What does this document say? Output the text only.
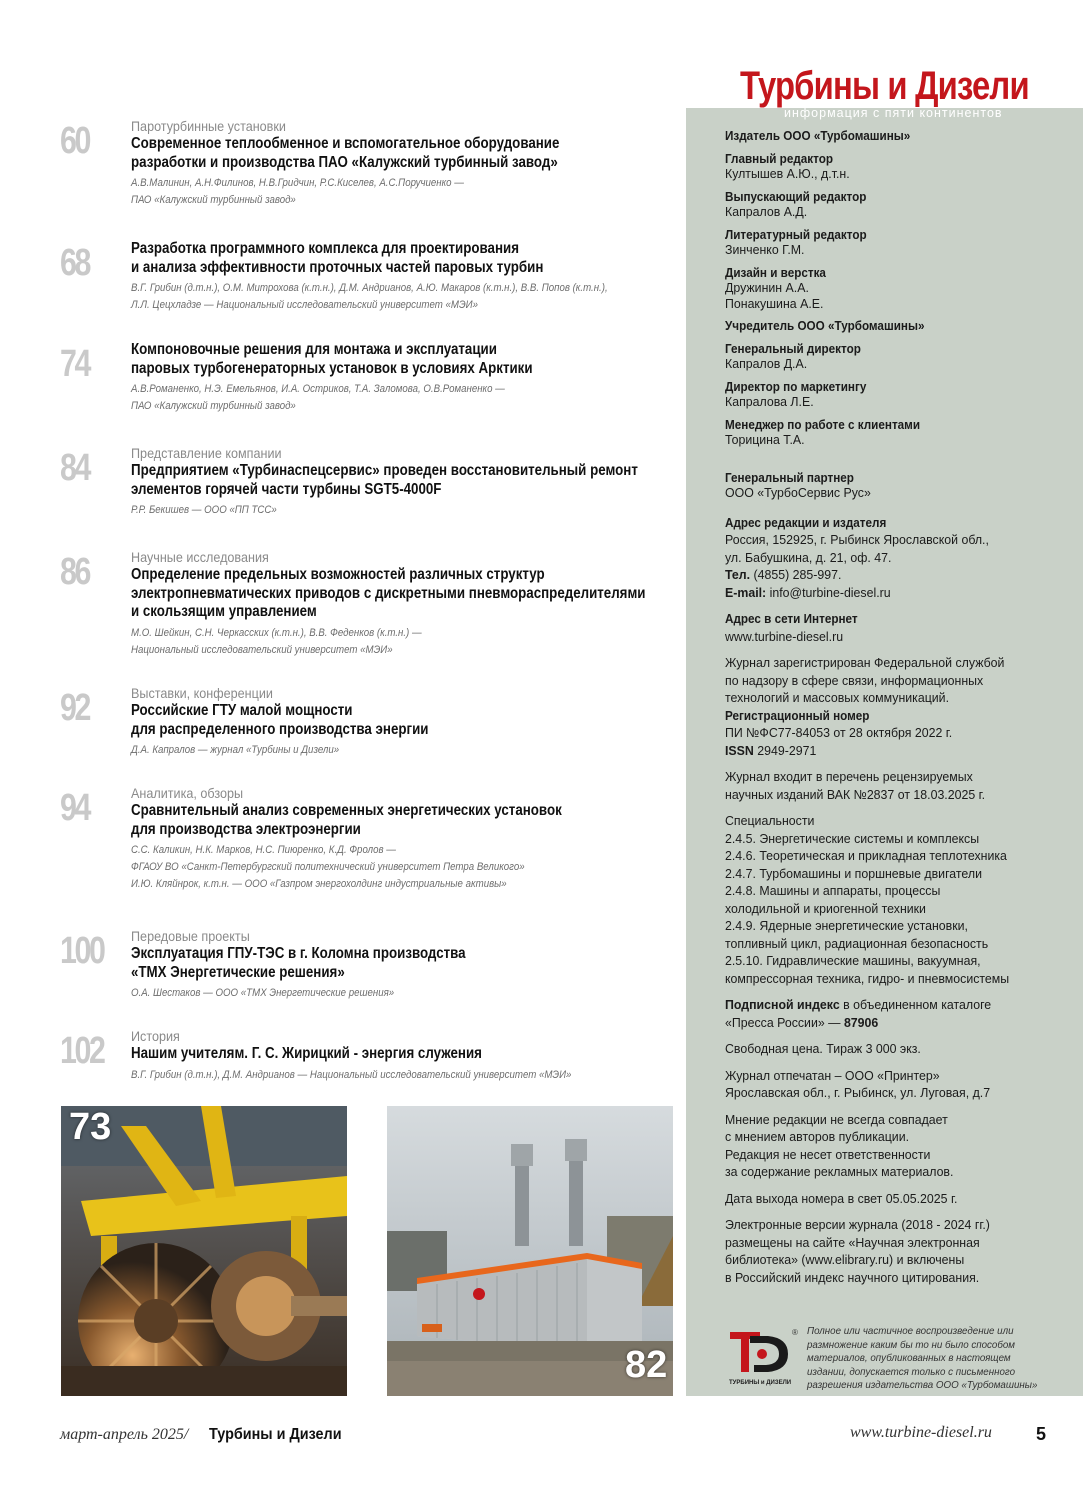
60	Паротурбинные установки
Современное теплообменное и вспомогательное оборудование
разработки и производства ПАО «Калужский турбинный завод»
А.В.Малинин, А.Н.Филинов, Н.В.Гридчин, Р.С.Киселев, А.С.Поручиенко —
ПАО «Калужский турбинный завод»
68	Разработка программного комплекса для проектирования
и анализа эффективности проточных частей паровых турбин
В.Г. Грибин (д.т.н.), О.М. Митрохова (к.т.н.), Д.М. Андрианов, А.Ю. Макаров (к.т.н.), В.В. Попов (к.т.н.),
Л.Л. Цецхладзе — Национальный исследовательский университет «МЭИ»
74	Компоновочные решения для монтажа и эксплуатации
паровых турбогенераторных установок в условиях Арктики
А.В.Романенко, Н.Э. Емельянов, И.А. Остриков, Т.А. Заломова, О.В.Романенко —
ПАО «Калужский турбинный завод»
84	Представление компании
Предприятием «Турбинаспецсервис» проведен восстановительный ремонт
элементов горячей части турбины SGT5-4000F
Р.Р. Бекишев — ООО «ПП ТСС»
86	Научные исследования
Определение предельных возможностей различных структур
электропневматических приводов с дискретными пневмораспределителями
и скользящим управлением
М.О. Шейкин, С.Н. Черкасских (к.т.н.), В.В. Феденков (к.т.н.) —
Национальный исследовательский университет «МЭИ»
92	Выставки, конференции
Российские ГТУ малой мощности
для распределенного производства энергии
Д.А. Капралов — журнал «Турбины и Дизели»
94	Аналитика, обзоры
Сравнительный анализ современных энергетических установок
для производства электроэнергии
С.С. Каликин, Н.К. Марков, Н.С. Пиюренко, К.Д. Фролов —
ФГАОУ ВО «Санкт-Петербургский политехнический университет Петра Великого»
И.Ю. Кляйнрок, к.т.н. — ООО «Газпром энергохолдинг индустриальные активы»
100	Передовые проекты
Эксплуатация ГПУ-ТЭС в г. Коломна производства
«ТМХ Энергетические решения»
О.А. Шестаков — ООО «ТМХ Энергетические решения»
102	История
Нашим учителям. Г. С. Жирицкий - энергия служения
В.Г. Грибин (д.т.н.), Д.М. Андрианов — Национальный исследовательский университет «МЭИ»
73
82
Турбины и Дизели
информация с пяти континентов
Издатель ООО «Турбомашины»
Главный редактор
Култышев А.Ю., д.т.н.
Выпускающий редактор
Капралов А.Д.
Литературный редактор
Зинченко Г.М.
Дизайн и верстка
Дружинин А.А.
Понакушина А.Е.
Учредитель ООО «Турбомашины»
Генеральный директор
Капралов Д.А.
Директор по маркетингу
Капралова Л.Е.
Менеджер по работе с клиентами
Торицина Т.А.
Генеральный партнер
ООО «ТурбоСервис Рус»
Адрес редакции и издателя
Россия, 152925, г. Рыбинск Ярославской обл.,
ул. Бабушкина, д. 21, оф. 47.
Тел. (4855) 285-997.
E-mail: info@turbine-diesel.ru
Адрес в сети Интернет
www.turbine-diesel.ru
Журнал зарегистрирован Федеральной службой
по надзору в сфере связи, информационных
технологий и массовых коммуникаций.
Регистрационный номер
ПИ №ФС77-84053 от 28 октября 2022 г.
ISSN 2949-2971
Журнал входит в перечень рецензируемых
научных изданий ВАК №2837 от 18.03.2025 г.
Специальности
2.4.5. Энергетические системы и комплексы
2.4.6. Теоретическая и прикладная теплотехника
2.4.7. Турбомашины и поршневые двигатели
2.4.8. Машины и аппараты, процессы
холодильной и криогенной техники
2.4.9. Ядерные энергетические установки,
топливный цикл, радиационная безопасность
2.5.10. Гидравлические машины, вакуумная,
компрессорная техника, гидро- и пневмосистемы
Подписной индекс в объединенном каталоге
«Пресса России» — 87906
Свободная цена. Тираж 3 000 экз.
Журнал отпечатан – ООО «Принтер»
Ярославская обл., г. Рыбинск, ул. Луговая, д.7
Мнение редакции не всегда совпадает
с мнением авторов публикации.
Редакция не несет ответственности
за содержание рекламных материалов.
Дата выхода номера в свет 05.05.2025 г.
Электронные версии журнала (2018 - 2024 гг.)
размещены на сайте «Научная электронная
библиотека» (www.elibrary.ru) и включены
в Российский индекс научного цитирования.
®
ТУРБИНЫ и ДИЗЕЛИ
Полное или частичное воспроизведение или
размножение каким бы то ни было способом
материалов, опубликованных в настоящем
издании, допускается только с письменного
разрешения издательства ООО «Турбомашины»
март-апрель 2025/ Турбины и Дизели	www.turbine-diesel.ru 5
